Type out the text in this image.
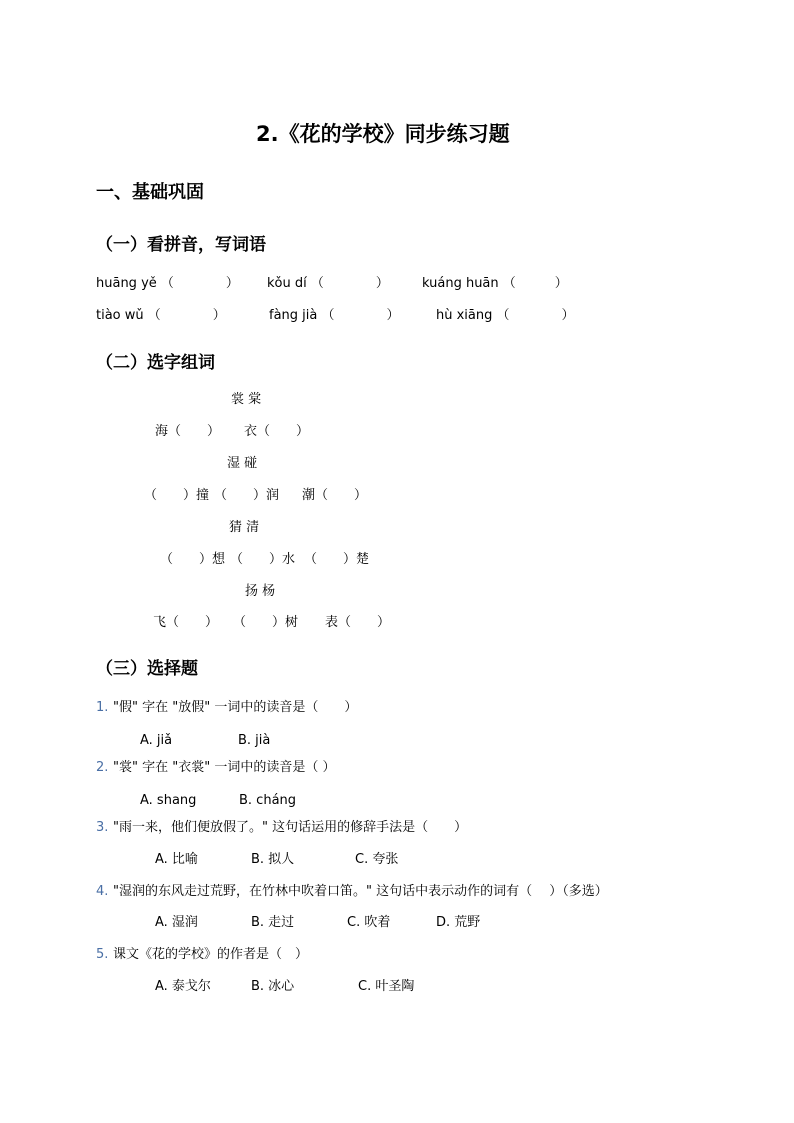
2.《花的学校》同步练习题
一、基础巩固
（一）看拼音，写词语
huāng yě （　　　　） kǒu dí （　　　　）	kuáng huān （　　　）
tiào wǔ （　　　　）	fàng jià （　　　　）	hù xiāng （　　　　）
（二）选字组词
裳 棠
海（　　） 衣（　　）
湿 碰
（　　）撞 （　　）润 潮（　　）
猜 清
（　　）想 （　　）水 （　　）楚
扬 杨
飞（　　） （　　）树 表（　　）
（三）选择题
1. "假" 字在 "放假" 一词中的读音是（　　）
A. jiǎ	B. jià
2. "裳" 字在 "衣裳" 一词中的读音是（ ）
A. shang	B. cháng
3. "雨一来，他们便放假了。" 这句话运用的修辞手法是（　　）
A. 比喻	B. 拟人	C. 夸张
4. "湿润的东风走过荒野，在竹林中吹着口笛。" 这句话中表示动作的词有（　 ）（多选）
A. 湿润	B. 走过	C. 吹着	D. 荒野
5. 课文《花的学校》的作者是（　）
A. 泰戈尔	B. 冰心	C. 叶圣陶
